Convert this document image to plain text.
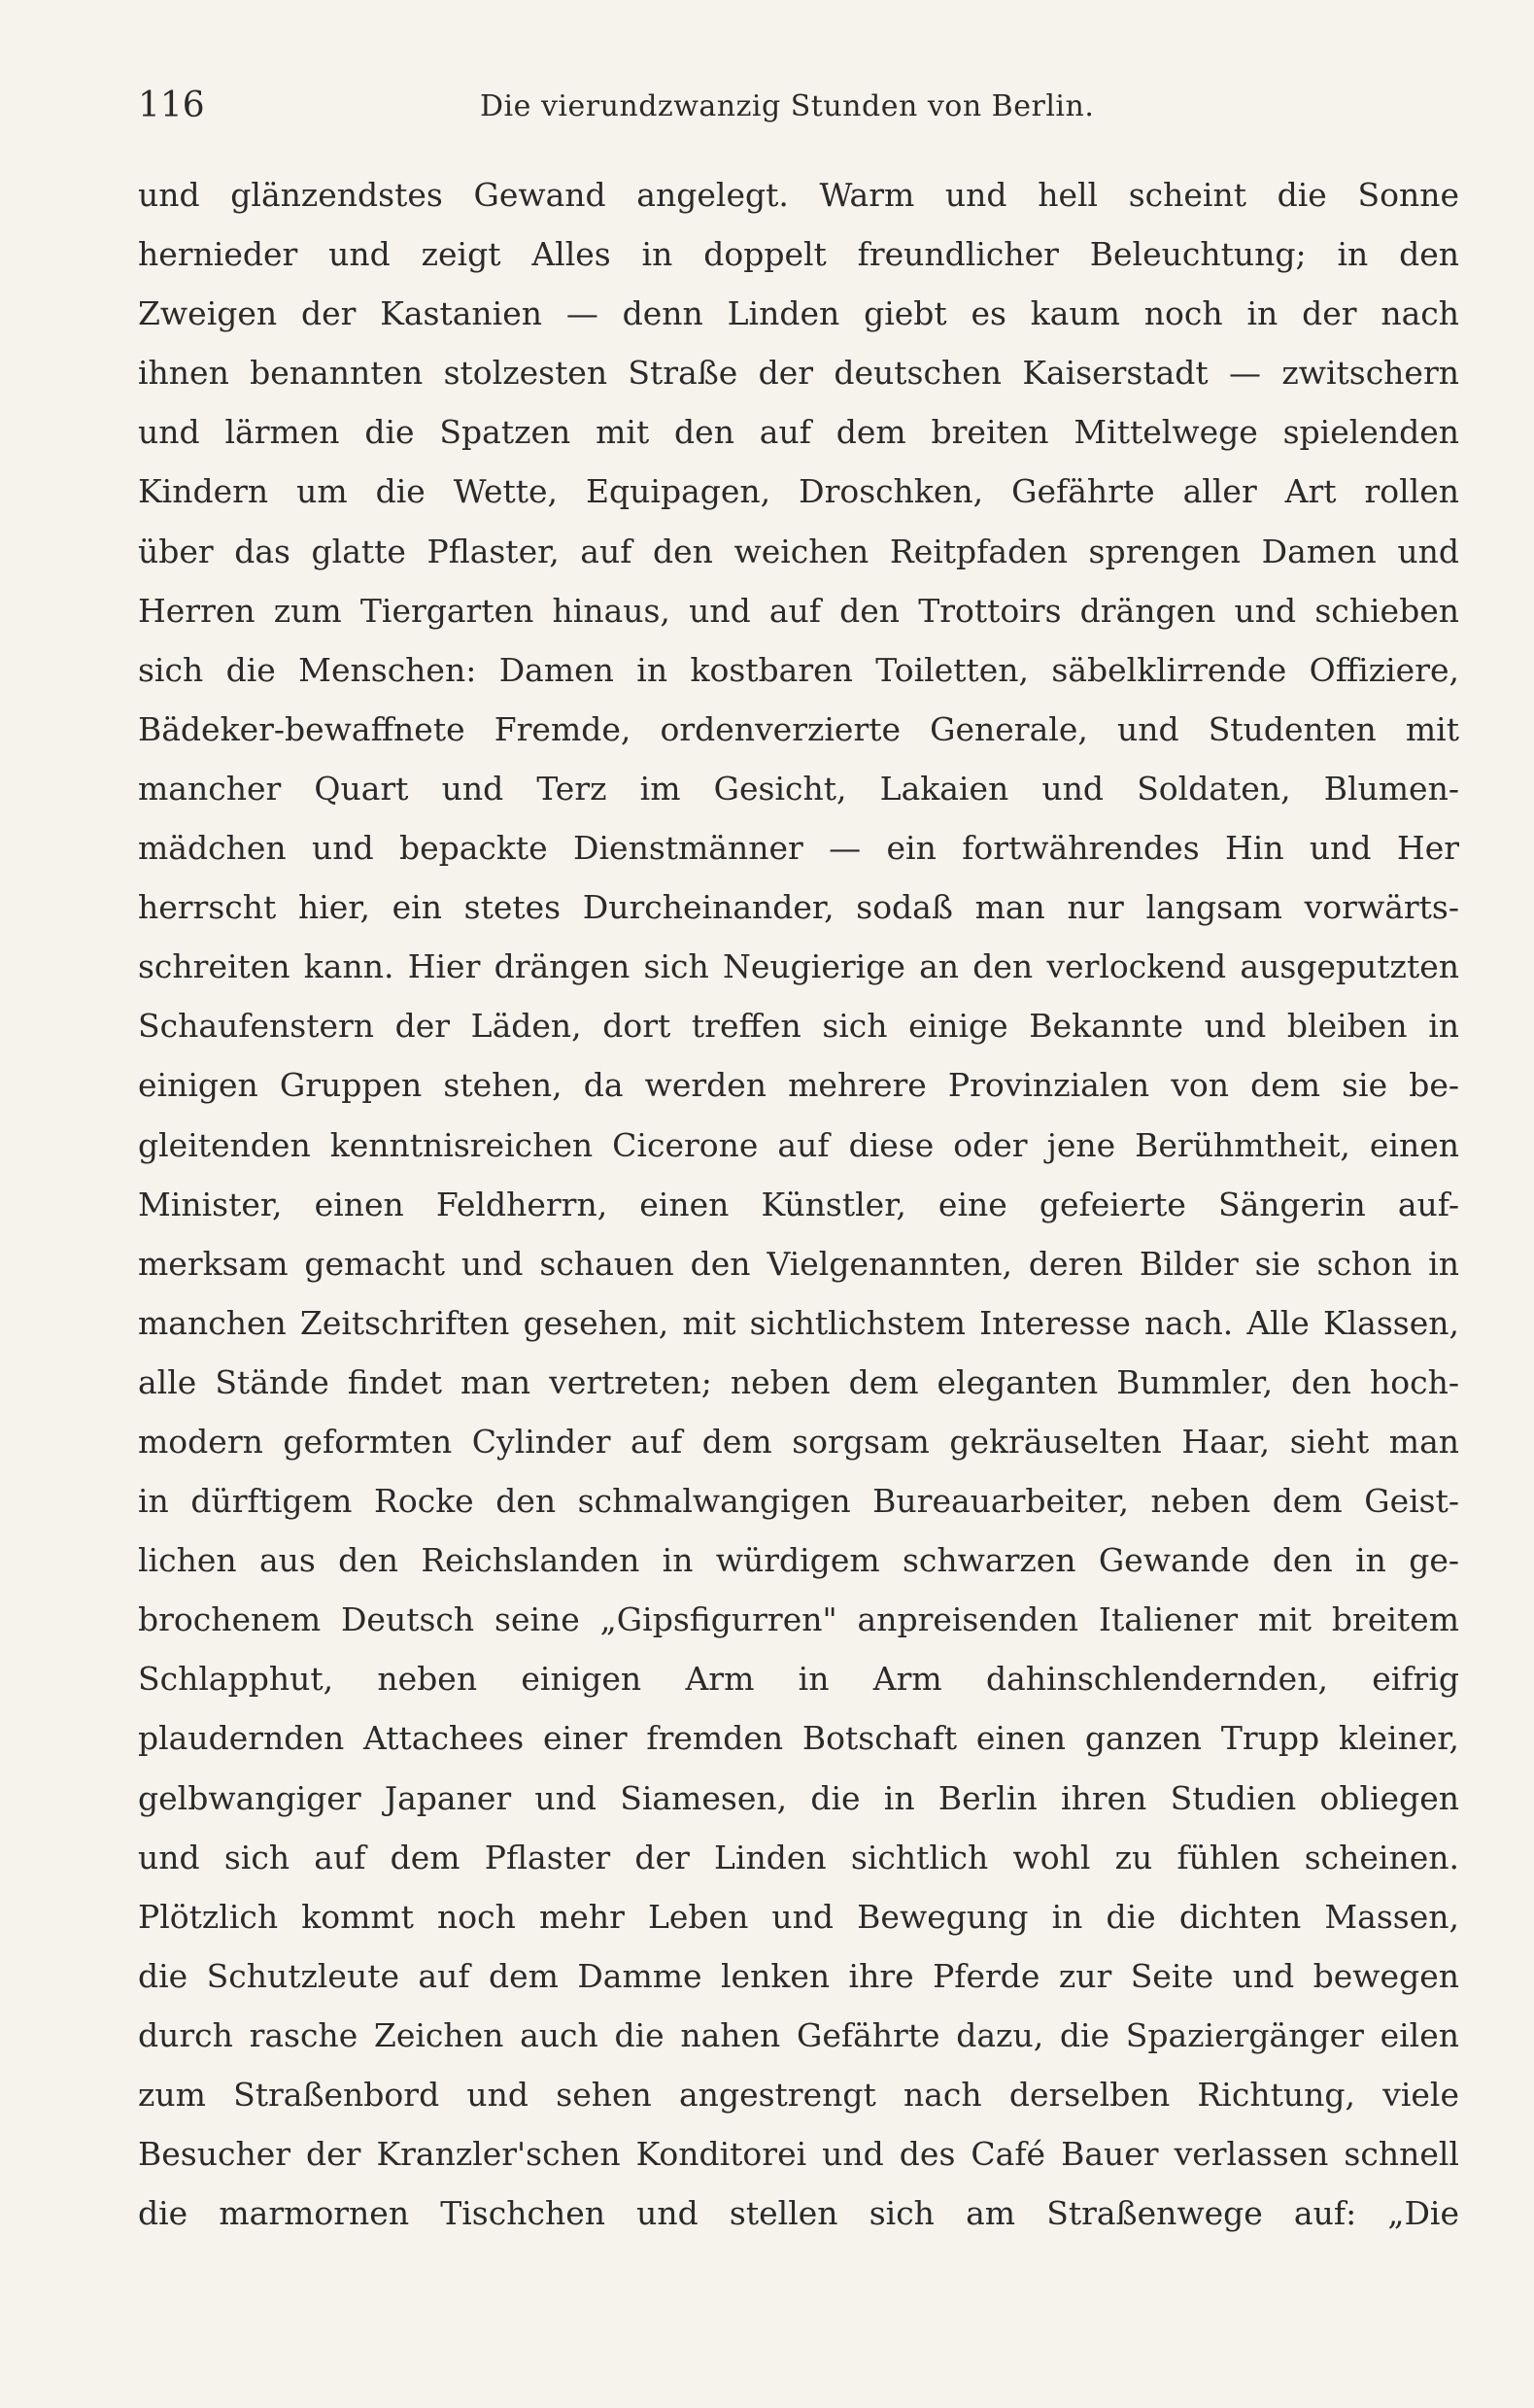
116	Die vierundzwanzig Stunden von Berlin.
und glänzendstes Gewand angelegt. Warm und hell scheint die Sonne
hernieder und zeigt Alles in doppelt freundlicher Beleuchtung; in den
Zweigen der Kastanien — denn Linden giebt es kaum noch in der nach
ihnen benannten stolzesten Straße der deutschen Kaiserstadt — zwitschern
und lärmen die Spatzen mit den auf dem breiten Mittelwege spielenden
Kindern um die Wette, Equipagen, Droschken, Gefährte aller Art rollen
über das glatte Pflaster, auf den weichen Reitpfaden sprengen Damen und
Herren zum Tiergarten hinaus, und auf den Trottoirs drängen und schieben
sich die Menschen: Damen in kostbaren Toiletten, säbelklirrende Offiziere,
Bädeker-bewaffnete Fremde, ordenverzierte Generale, und Studenten mit
mancher Quart und Terz im Gesicht, Lakaien und Soldaten, Blumen-
mädchen und bepackte Dienstmänner — ein fortwährendes Hin und Her
herrscht hier, ein stetes Durcheinander, sodaß man nur langsam vorwärts-
schreiten kann. Hier drängen sich Neugierige an den verlockend ausgeputzten
Schaufenstern der Läden, dort treffen sich einige Bekannte und bleiben in
einigen Gruppen stehen, da werden mehrere Provinzialen von dem sie be-
gleitenden kenntnisreichen Cicerone auf diese oder jene Berühmtheit, einen
Minister, einen Feldherrn, einen Künstler, eine gefeierte Sängerin auf-
merksam gemacht und schauen den Vielgenannten, deren Bilder sie schon in
manchen Zeitschriften gesehen, mit sichtlichstem Interesse nach. Alle Klassen,
alle Stände findet man vertreten; neben dem eleganten Bummler, den hoch-
modern geformten Cylinder auf dem sorgsam gekräuselten Haar, sieht man
in dürftigem Rocke den schmalwangigen Bureauarbeiter, neben dem Geist-
lichen aus den Reichslanden in würdigem schwarzen Gewande den in ge-
brochenem Deutsch seine „Gipsfigurren" anpreisenden Italiener mit breitem
Schlapphut, neben einigen Arm in Arm dahinschlendernden, eifrig
plaudernden Attachees einer fremden Botschaft einen ganzen Trupp kleiner,
gelbwangiger Japaner und Siamesen, die in Berlin ihren Studien obliegen
und sich auf dem Pflaster der Linden sichtlich wohl zu fühlen scheinen.
Plötzlich kommt noch mehr Leben und Bewegung in die dichten Massen,
die Schutzleute auf dem Damme lenken ihre Pferde zur Seite und bewegen
durch rasche Zeichen auch die nahen Gefährte dazu, die Spaziergänger eilen
zum Straßenbord und sehen angestrengt nach derselben Richtung, viele
Besucher der Kranzler'schen Konditorei und des Café Bauer verlassen schnell
die marmornen Tischchen und stellen sich am Straßenwege auf: „Die
